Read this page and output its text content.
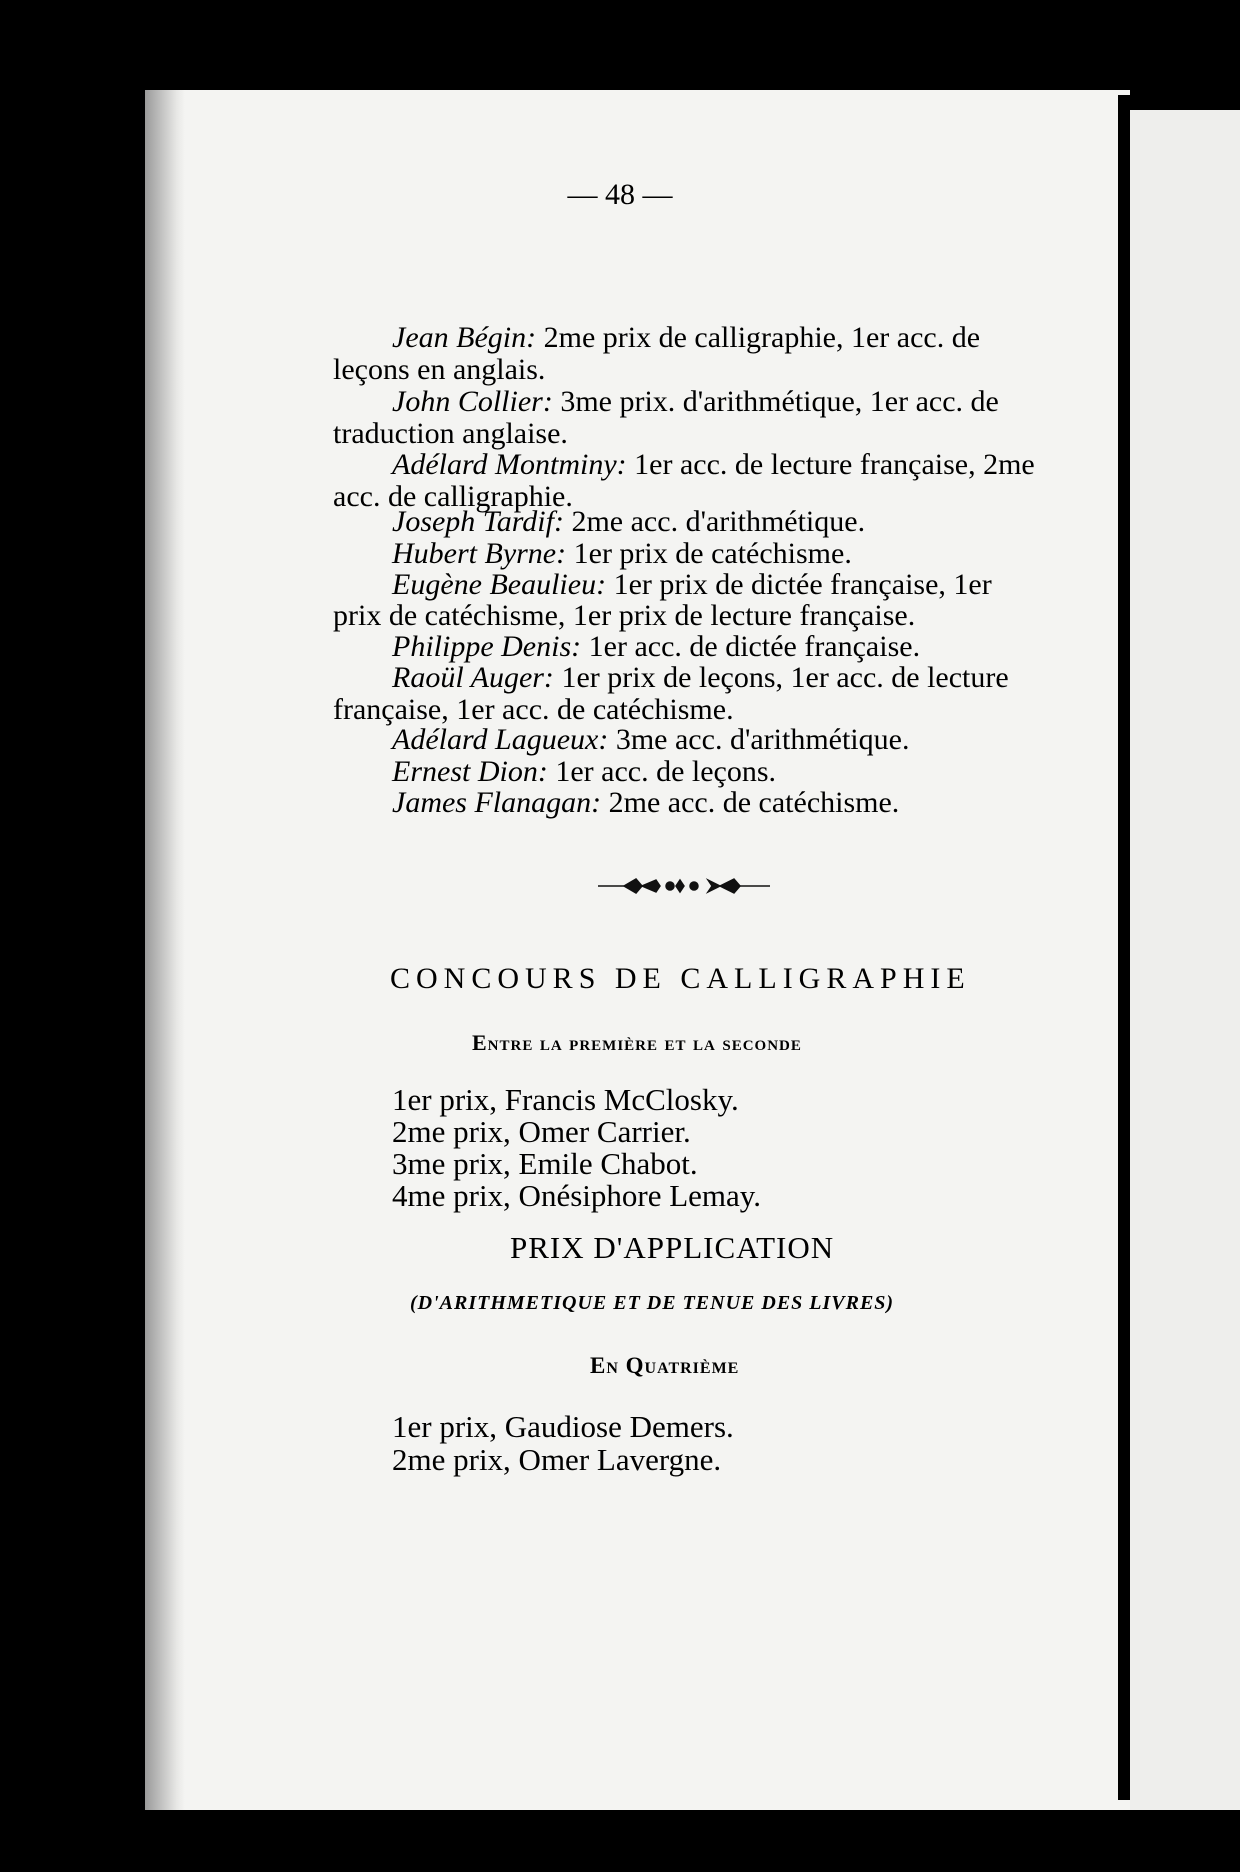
— 48 —

Jean Bégin: 2me prix de calligraphie, 1er acc. de

leçons en anglais.

John Collier: 3me prix. d'arithmétique, 1er acc. de

traduction anglaise.

Adélard Montminy: 1er acc. de lecture française, 2me

acc. de calligraphie.

Joseph Tardif: 2me acc. d'arithmétique.

Hubert Byrne: 1er prix de catéchisme.

Eugène Beaulieu: 1er prix de dictée française, 1er

prix de catéchisme, 1er prix de lecture française.

Philippe Denis: 1er acc. de dictée française.

Raoül Auger: 1er prix de leçons, 1er acc. de lecture

française, 1er acc. de catéchisme.

Adélard Lagueux: 3me acc. d'arithmétique.

Ernest Dion: 1er acc. de leçons.

James Flanagan: 2me acc. de catéchisme.

CONCOURS DE CALLIGRAPHIE
Entre la première et la seconde
1er prix, Francis McClosky.
2me prix, Omer Carrier.
3me prix, Emile Chabot.
4me prix, Onésiphore Lemay.
PRIX D'APPLICATION
(D'ARITHMETIQUE ET DE TENUE DES LIVRES)
En Quatrième
1er prix, Gaudiose Demers.
2me prix, Omer Lavergne.
